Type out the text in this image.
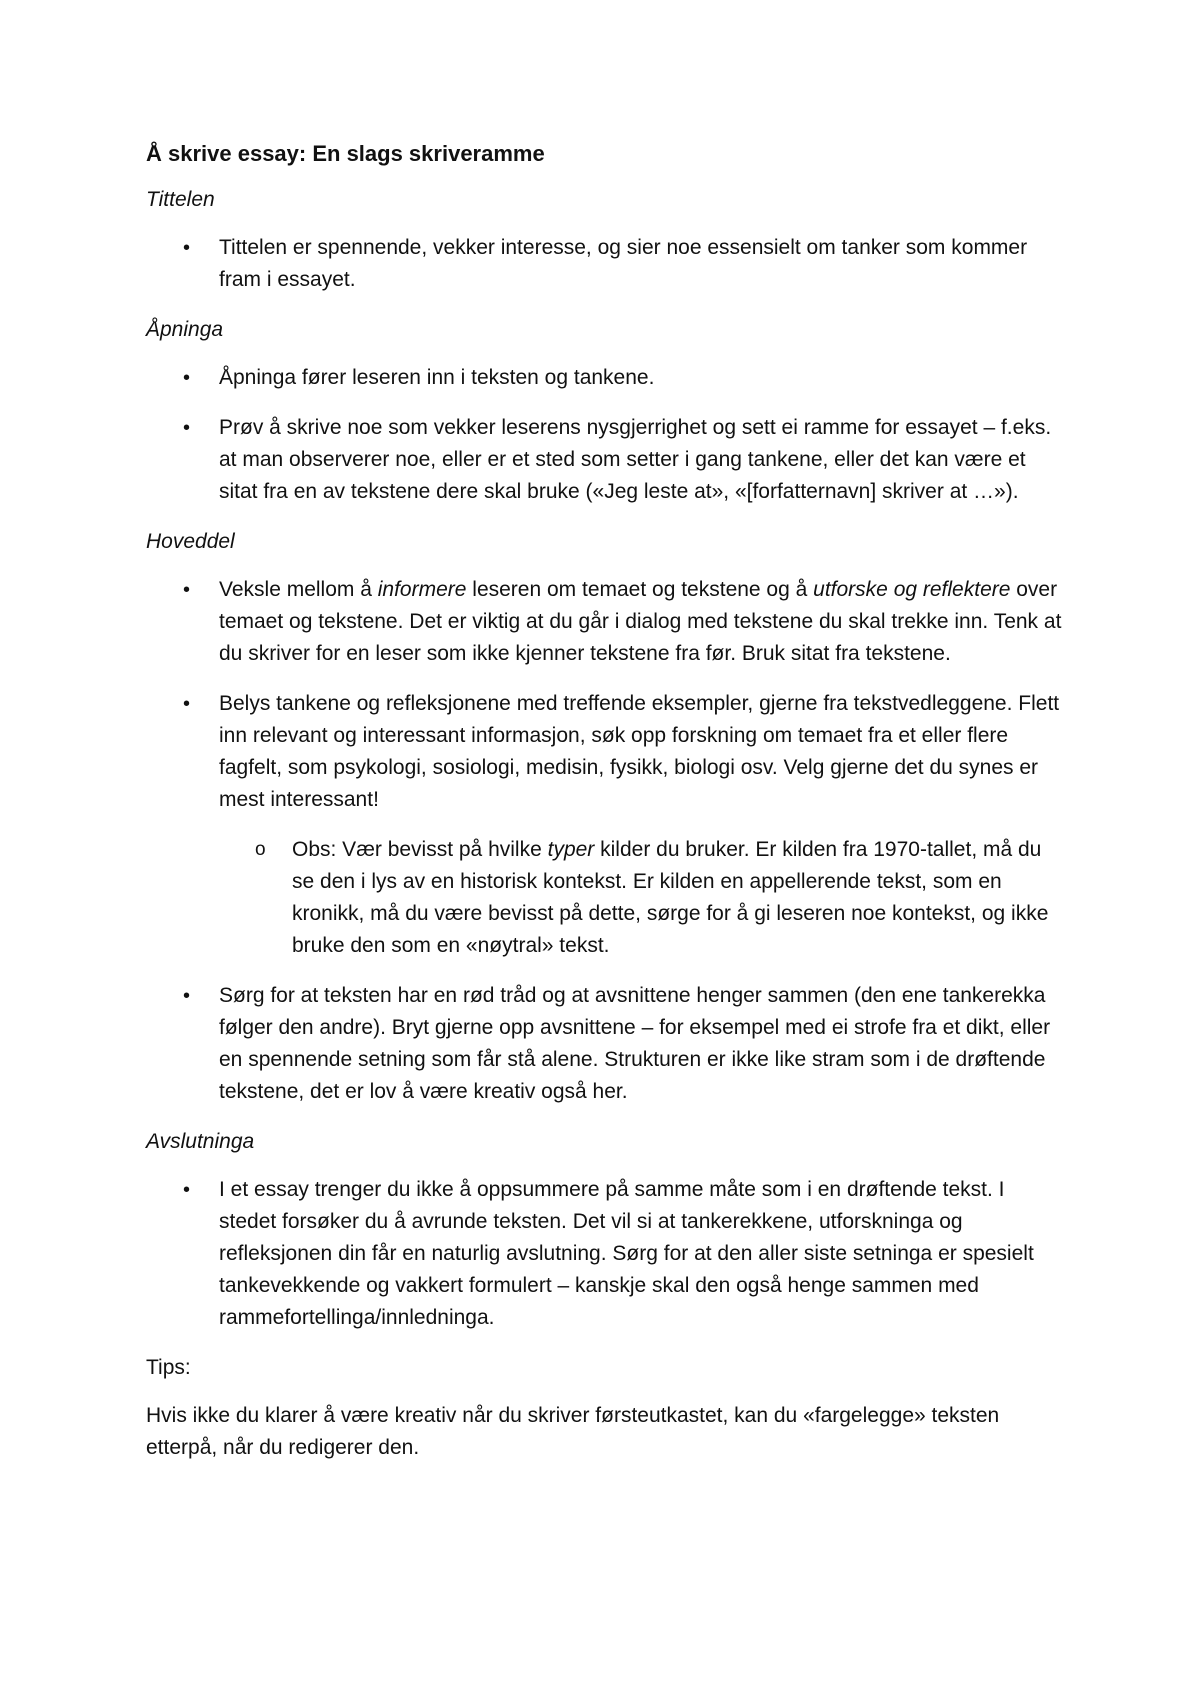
Å skrive essay: En slags skriveramme
Tittelen
• Tittelen er spennende, vekker interesse, og sier noe essensielt om tanker som kommer fram i essayet.
Åpninga
• Åpninga fører leseren inn i teksten og tankene.
• Prøv å skrive noe som vekker leserens nysgjerrighet og sett ei ramme for essayet – f.eks. at man observerer noe, eller er et sted som setter i gang tankene, eller det kan være et sitat fra en av tekstene dere skal bruke («Jeg leste at», «[forfatternavn] skriver at …»).
Hoveddel
• Veksle mellom å informere leseren om temaet og tekstene og å utforske og reflektere over temaet og tekstene. Det er viktig at du går i dialog med tekstene du skal trekke inn. Tenk at du skriver for en leser som ikke kjenner tekstene fra før. Bruk sitat fra tekstene.
• Belys tankene og refleksjonene med treffende eksempler, gjerne fra tekstvedleggene. Flett inn relevant og interessant informasjon, søk opp forskning om temaet fra et eller flere fagfelt, som psykologi, sosiologi, medisin, fysikk, biologi osv. Velg gjerne det du synes er mest interessant!
o Obs: Vær bevisst på hvilke typer kilder du bruker. Er kilden fra 1970-tallet, må du se den i lys av en historisk kontekst. Er kilden en appellerende tekst, som en kronikk, må du være bevisst på dette, sørge for å gi leseren noe kontekst, og ikke bruke den som en «nøytral» tekst.
• Sørg for at teksten har en rød tråd og at avsnittene henger sammen (den ene tankerekka følger den andre). Bryt gjerne opp avsnittene – for eksempel med ei strofe fra et dikt, eller en spennende setning som får stå alene. Strukturen er ikke like stram som i de drøftende tekstene, det er lov å være kreativ også her.
Avslutninga
• I et essay trenger du ikke å oppsummere på samme måte som i en drøftende tekst. I stedet forsøker du å avrunde teksten. Det vil si at tankerekkene, utforskninga og refleksjonen din får en naturlig avslutning. Sørg for at den aller siste setninga er spesielt tankevekkende og vakkert formulert – kanskje skal den også henge sammen med rammefortellinga/innledninga.
Tips:

Hvis ikke du klarer å være kreativ når du skriver førsteutkastet, kan du «fargelegge» teksten etterpå, når du redigerer den.
